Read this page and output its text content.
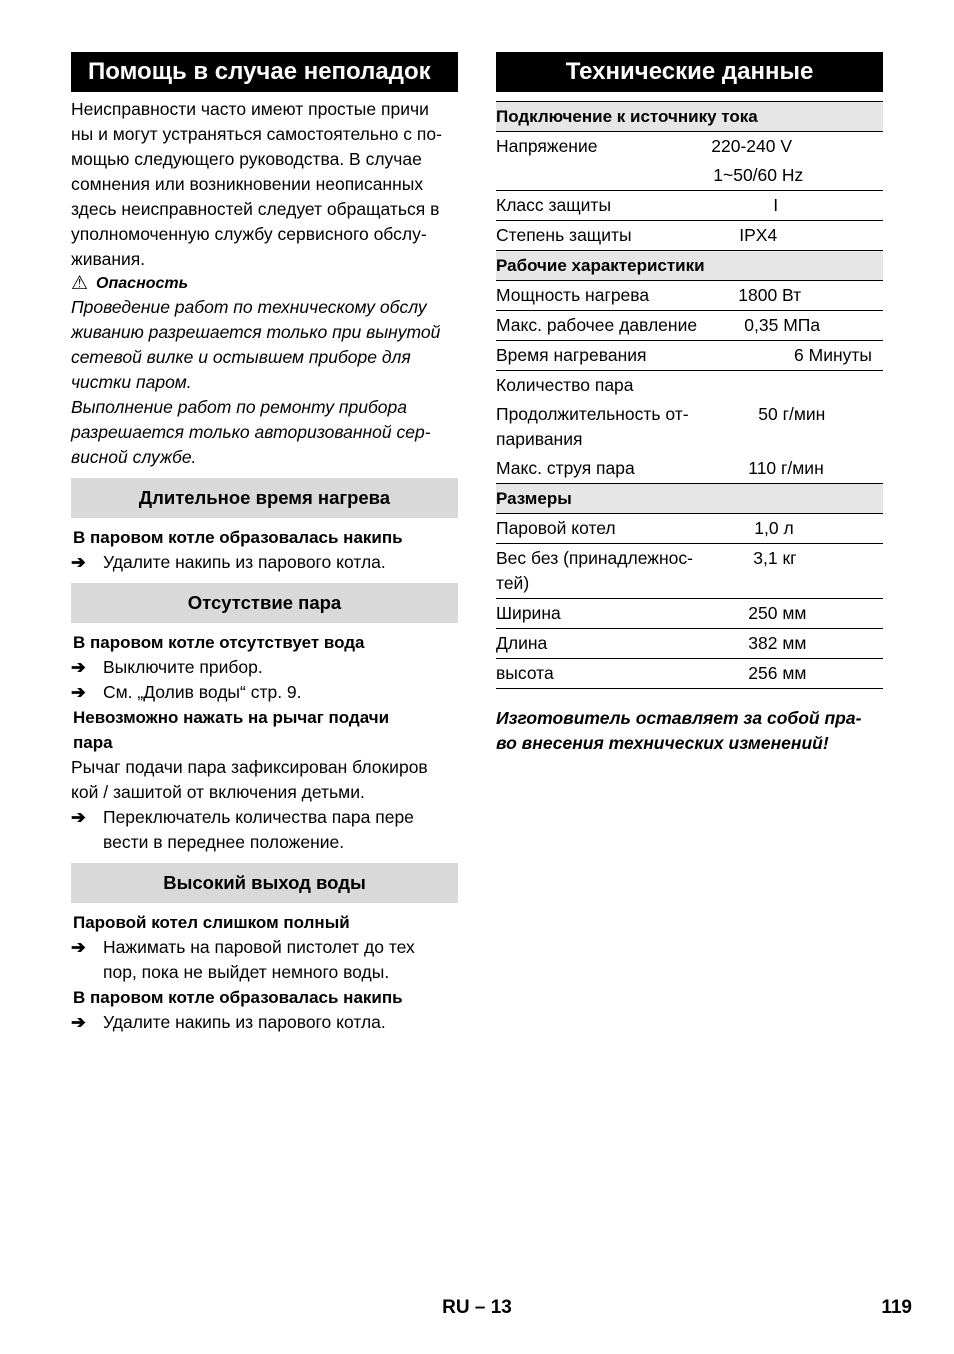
Помощь в случае неполадок

Неисправности часто имеют простые причи

ны и могут устраняться самостоятельно с по-

мощью следующего руководства. В случае

сомнения или возникновении неописанных

здесь неисправностей следует обращаться в

уполномоченную службу сервисного обслу-

живания.

⚠ Опасность

Проведение работ по техническому обслу

живанию разрешается только при вынутой

сетевой вилке и остывшем приборе для

чистки паром.

Выполнение работ по ремонту прибора

разрешается только авторизованной сер-

висной службе.

Длительное время нагрева
В паровом котле образовалась накипь
➔ Удалите накипь из парового котла.
Отсутствие пара
В паровом котле отсутствует вода
➔ Выключите прибор.
➔ См. „Долив воды“ стр. 9.
Невозможно нажать на рычаг подачи
пара

Рычаг подачи пара зафиксирован блокиров

кой / зашитой от включения детьми.

➔ Переключатель количества пара пере
вести в переднее положение.
Высокий выход воды
Паровой котел слишком полный
➔ Нажимать на паровой пистолет до тех
пор, пока не выйдет немного воды.
В паровом котле образовалась накипь
➔ Удалите накипь из парового котла.
Технические данные
Подключение к источнику тока	

Напряжение	220-240 V

	1~50/60 Hz

Класс защиты	I

Степень защиты	IPX4
Рабочие характеристики	

Мощность нагрева	1800 Вт

Макс. рабочее давление	0,35 МПа

Время нагревания	6 Минуты

Количество пара	

Продолжительность от-
паривания	50 г/мин

Макс. струя пара	110 г/мин
Размеры	

Паровой котел	1,0 л

Вес без (принадлежнос-
тей)	3,1 кг

Ширина	250 мм

Длина	382 мм

высота	256 мм
Изготовитель оставляет за собой пра-
во внесения технических изменений!
RU – 13	119
